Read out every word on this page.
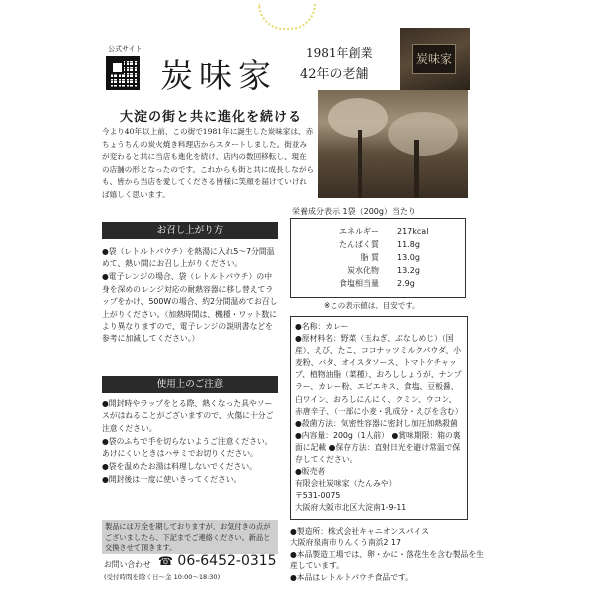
公式サイト
炭味家
1981年創業
42年の老舗
炭味家
大淀の街と共に進化を続ける
今より40年以上前、この街で1981年に誕生した炭味家は、赤ちょうちんの炭火焼き料理店からスタートしました。街並みが変わると共に当店も進化を続け、店内の数回移転し、現在の店舗の形となったのです。これからも街と共に成長しながらも、皆から当店を愛してくださる皆様に笑顔を届けていければ嬉しく思います。
お召し上がり方

●袋（レトルトパウチ）を熱湯に入れ5～7分間温めて、熱い間にお召し上がりください。

●電子レンジの場合、袋（レトルトパウチ）の中身を深めのレンジ対応の耐熱容器に移し替えてラップをかけ、500Wの場合、約2分間温めてお召し上がりください。（加熱時間は、機種・ワット数により異なりますので、電子レンジの説明書などを参考に加減してください。）

使用上のご注意

●開封時やラップをとる際、熱くなった具やソースがはねることがございますので、火傷に十分ご注意ください。

●袋のふちで手を切らないようご注意ください。あけにくいときはハサミでお切りください。

●袋を温めたお湯は料理しないでください。

●開封後は一度に使いきってください。

製品には万全を期しておりますが、お気付きの点がございましたら、下記までご連絡ください。新品と交換させて頂きます。
お問い合わせ ☎ 06-6452-0315
(受付時間を除く日～金 10:00～18:30)
栄養成分表示 1袋（200g）当たり
エネルギー	217kcal
たんぱく質	11.8g
脂 質	13.0g
炭水化物	13.2g
食塩相当量	2.9g
※この表示値は、目安です。

●名称：カレー

●原材料名：野菜（玉ねぎ、ぶなしめじ）（国産）、えび、たこ、ココナッツミルクパウダ、小麦粉、バタ、オイスタソース、トマトケチャップ、植物油脂（菜種）、おろししょうが、ナンプラー、カレー粉、エビエキス、食塩、豆板醤、白ワイン、おろしにんにく、クミン、ウコン、赤唐辛子、（一部に小麦・乳成分・えびを含む）

●殺菌方法：気密性容器に密封し加圧加熱殺菌 ●内容量：200g（1人前） ●賞味期限：箱の裏面に記載 ●保存方法：直射日光を避け常温で保存してください。

●販売者

有限会社炭味家（たんみや）

〒531-0075

大阪府大阪市北区大淀南1-9-11

●製造所：株式会社キャニオンスパイス

大阪府泉南市りんくう南浜2 17

●本品製造工場では、卵・かに・落花生を含む製品を生産しています。

●本品はレトルトパウチ食品です。
